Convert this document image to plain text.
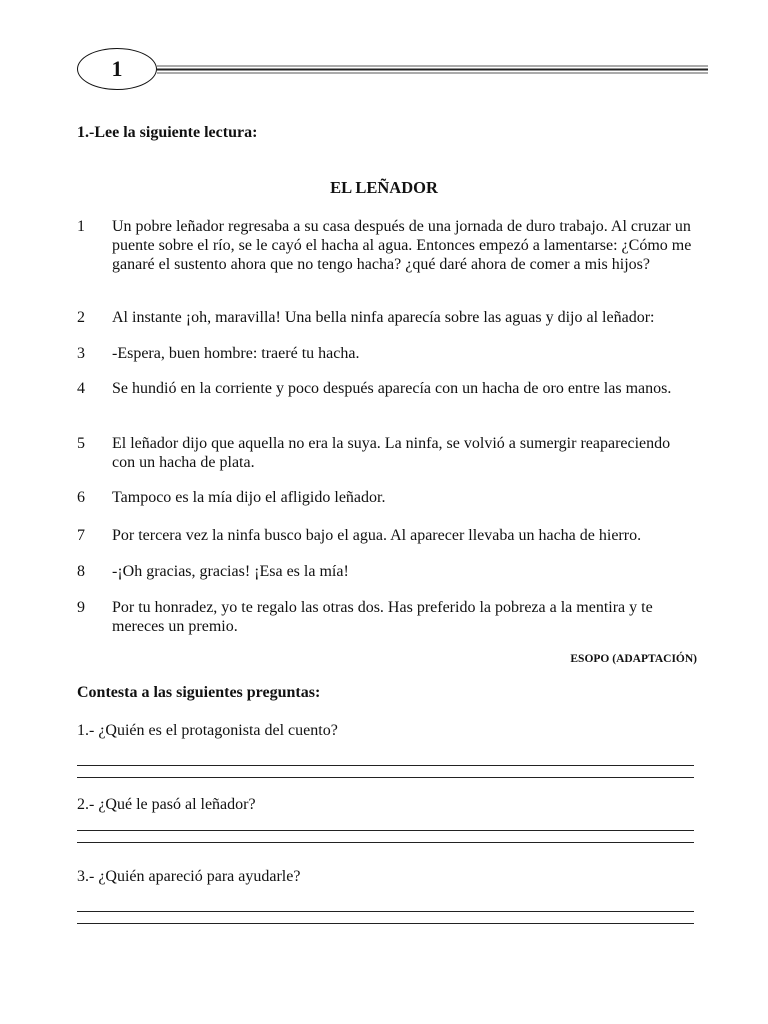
1

1.-Lee la siguiente lectura:

EL LEÑADOR
1 Un pobre leñador regresaba a su casa después de una jornada de duro trabajo. Al cruzar un puente sobre el río, se le cayó el hacha al agua. Entonces empezó a lamentarse: ¿Cómo me ganaré el sustento ahora que no tengo hacha? ¿qué daré ahora de comer a mis hijos?
2 Al instante ¡oh, maravilla! Una bella ninfa aparecía sobre las aguas y dijo al leñador:
3 -Espera, buen hombre: traeré tu hacha.
4 Se hundió en la corriente y poco después aparecía con un hacha de oro entre las manos.
5 El leñador dijo que aquella no era la suya. La ninfa, se volvió a sumergir reapareciendo con un hacha de plata.
6 Tampoco es la mía dijo el afligido leñador.
7 Por tercera vez la ninfa busco bajo el agua. Al aparecer llevaba un hacha de hierro.
8 -¡Oh gracias, gracias! ¡Esa es la mía!
9 Por tu honradez, yo te regalo las otras dos. Has preferido la pobreza a la mentira y te mereces un premio.
ESOPO (ADAPTACIÓN)
Contesta a las siguientes preguntas:
1.- ¿Quién es el protagonista del cuento?
2.- ¿Qué le pasó al leñador?
3.- ¿Quién apareció para ayudarle?
